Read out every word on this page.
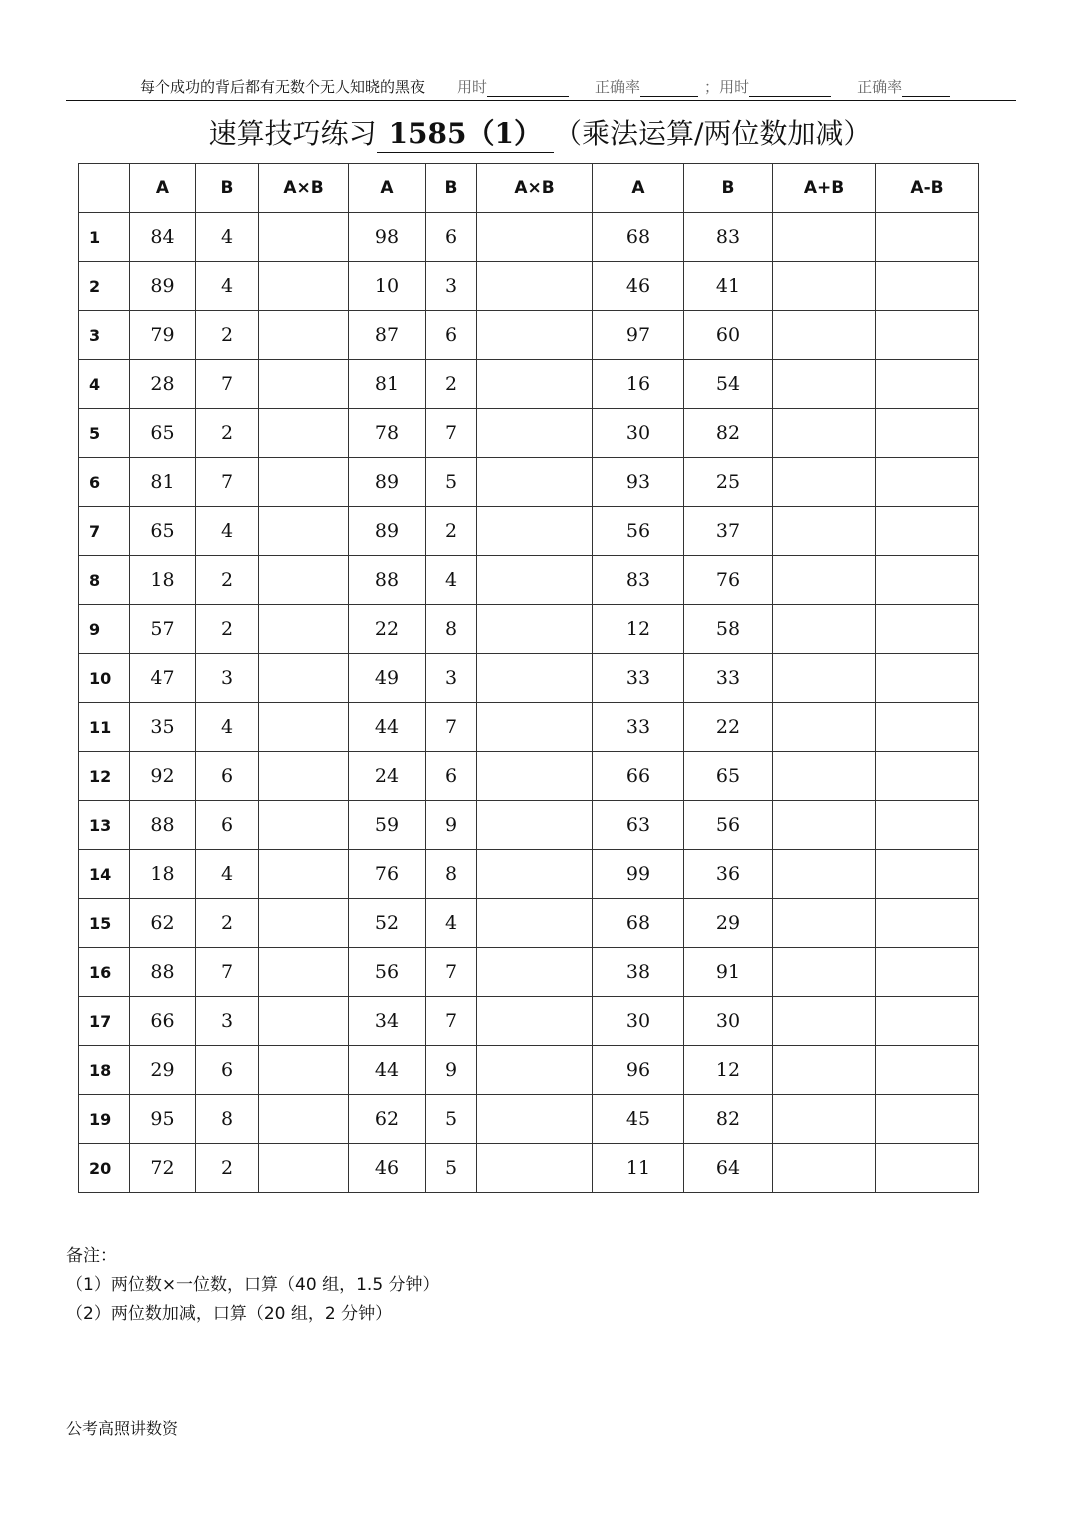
每个成功的背后都有无数个无人知晓的黑夜 用时	正确率	；用时	正确率
速算技巧练习 1585（1） （乘法运算/两位数加减）
	A	B	A×B	A	B	A×B	A	B	A+B	A-B
1	84	4		98	6		68	83		
2	89	4		10	3		46	41		
3	79	2		87	6		97	60		
4	28	7		81	2		16	54		
5	65	2		78	7		30	82		
6	81	7		89	5		93	25		
7	65	4		89	2		56	37		
8	18	2		88	4		83	76		
9	57	2		22	8		12	58		
10	47	3		49	3		33	33		
11	35	4		44	7		33	22		
12	92	6		24	6		66	65		
13	88	6		59	9		63	56		
14	18	4		76	8		99	36		
15	62	2		52	4		68	29		
16	88	7		56	7		38	91		
17	66	3		34	7		30	30		
18	29	6		44	9		96	12		
19	95	8		62	5		45	82		
20	72	2		46	5		11	64		
备注：
（1）两位数×一位数，口算（40 组，1.5 分钟）
（2）两位数加减，口算（20 组，2 分钟）
公考高照讲数资
